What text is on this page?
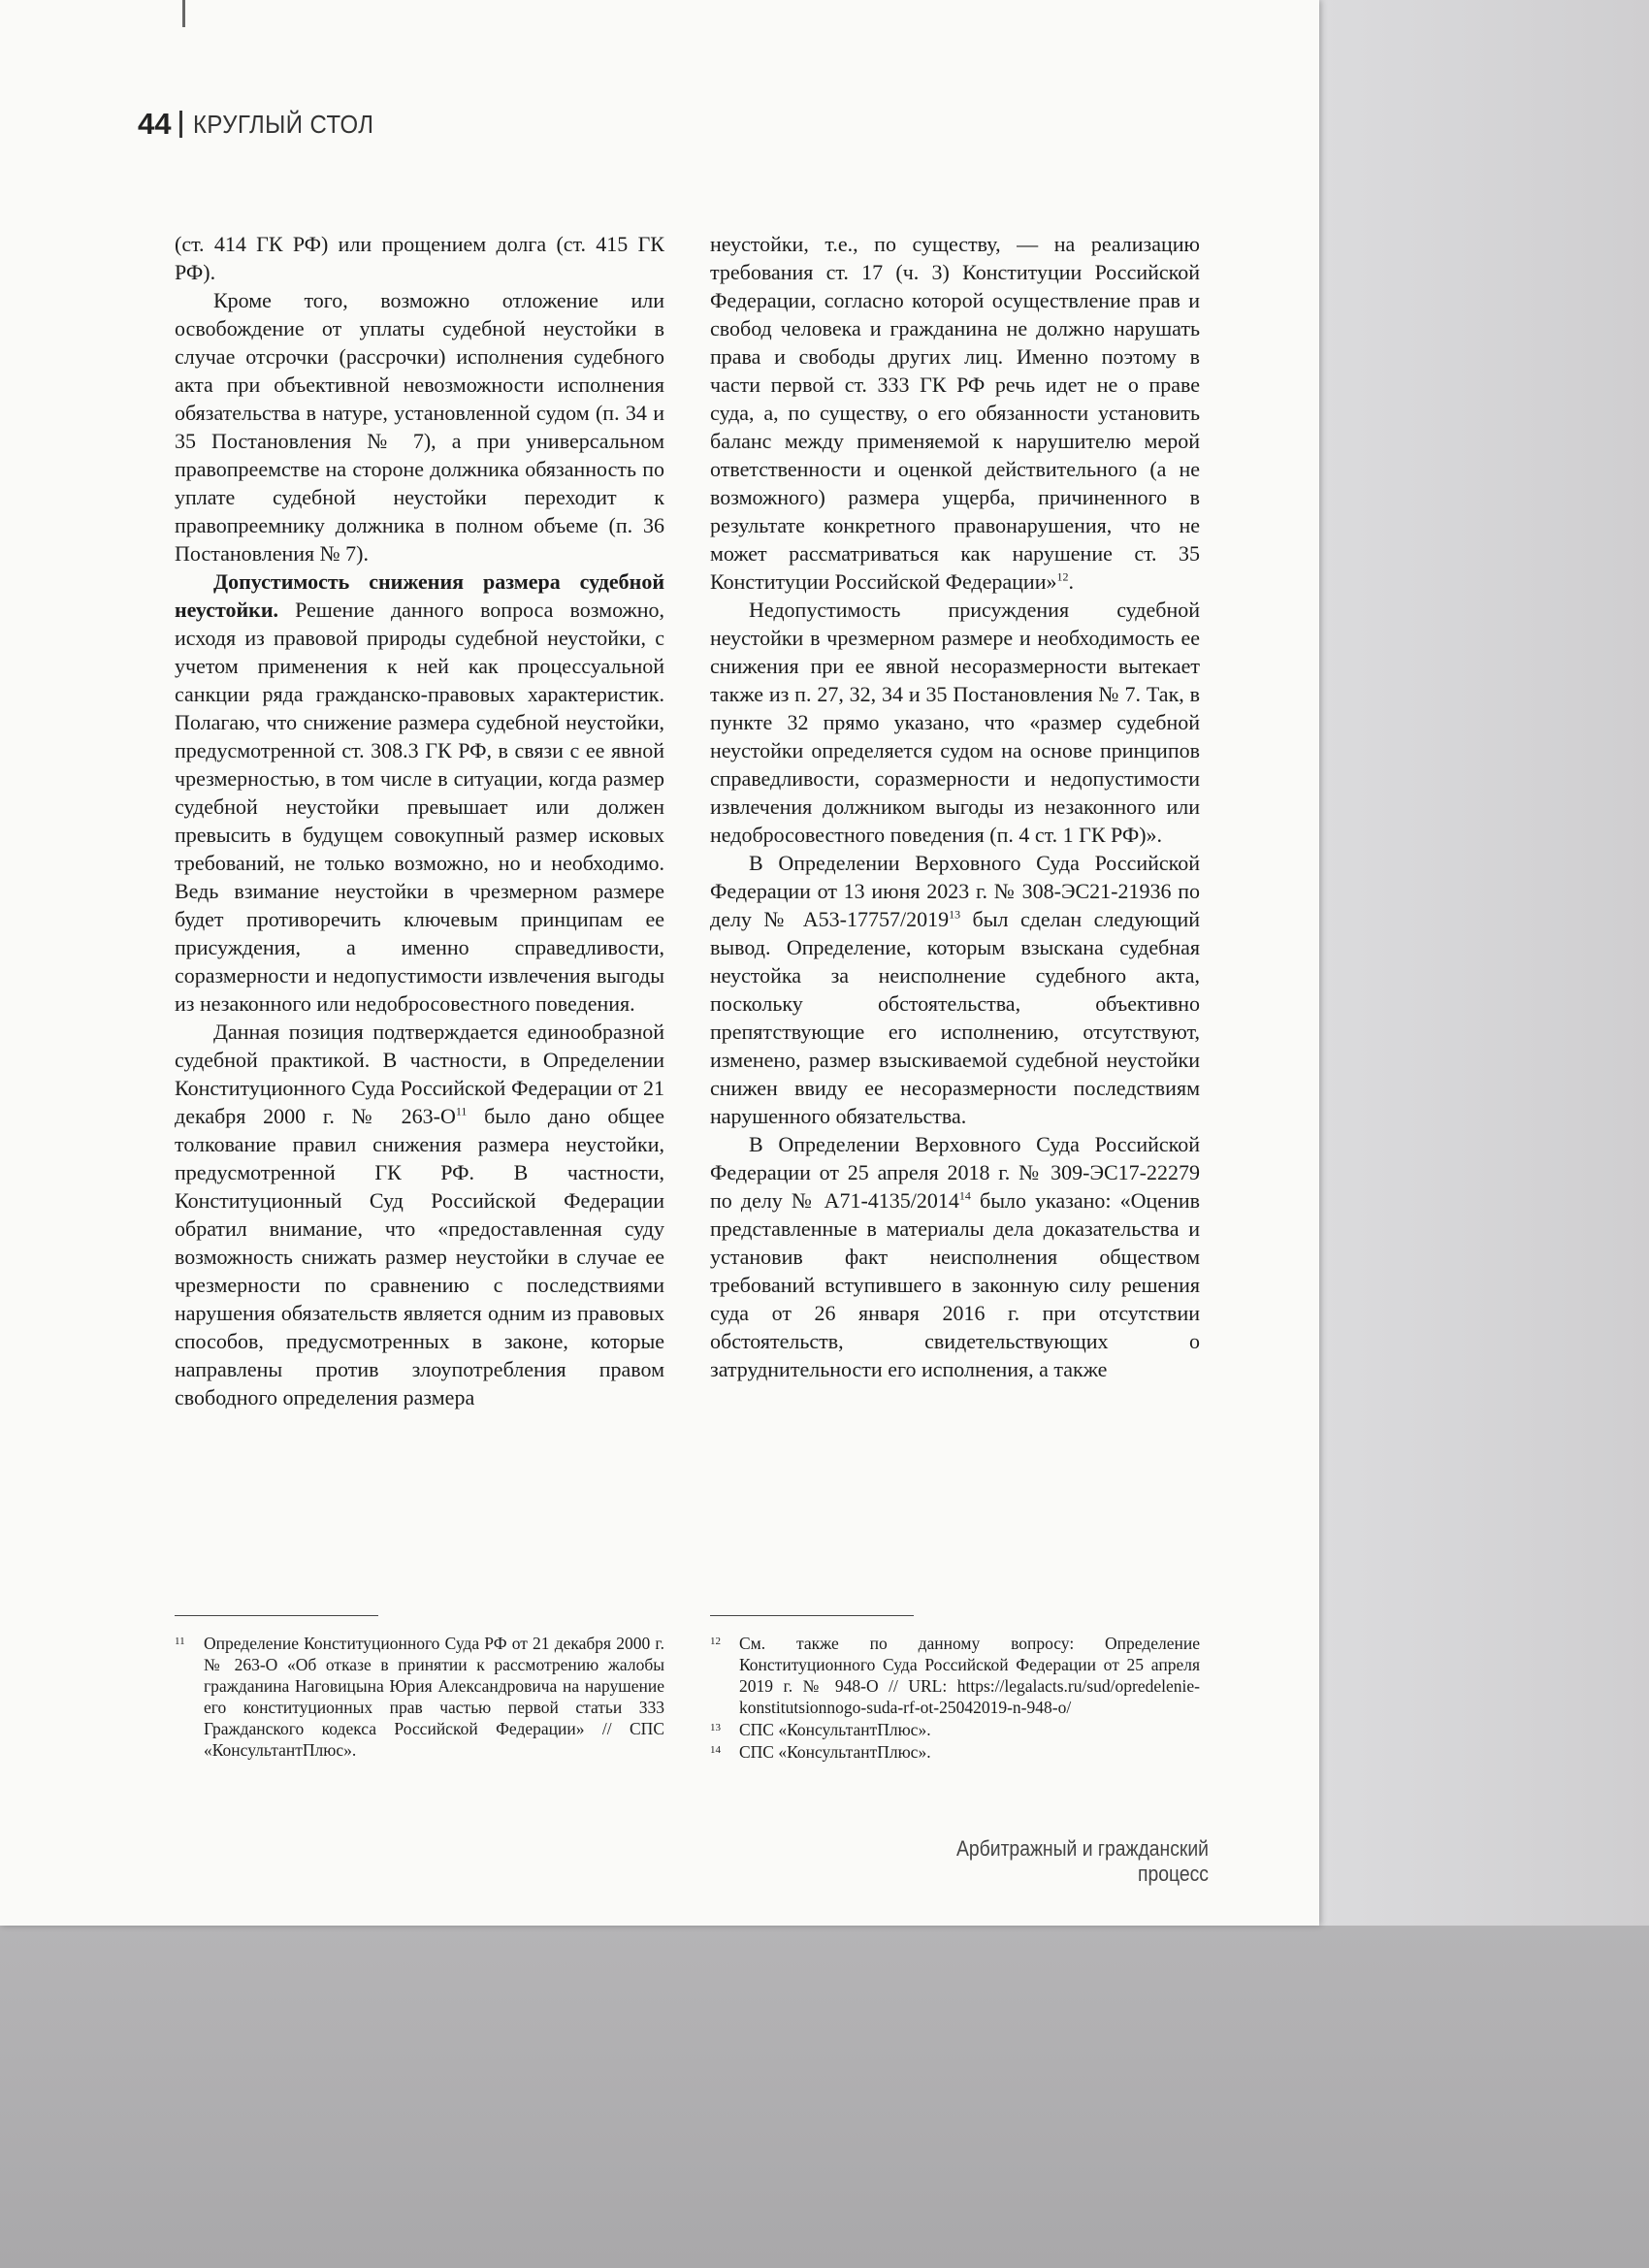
44 КРУГЛЫЙ СТОЛ

(ст. 414 ГК РФ) или прощением долга (ст. 415 ГК РФ).

Кроме того, возможно отложение или освобождение от уплаты судебной неустойки в случае отсрочки (рассрочки) исполнения судебного акта при объективной невозможности исполнения обязательства в натуре, установленной судом (п. 34 и 35 Постановления № 7), а при универсальном правопреемстве на стороне должника обязанность по уплате судебной неустойки переходит к правопреемнику должника в полном объеме (п. 36 Постановления № 7).

Допустимость снижения размера судебной неустойки. Решение данного вопроса возможно, исходя из правовой природы судебной неустойки, с учетом применения к ней как процессуальной санкции ряда гражданско-правовых характеристик. Полагаю, что снижение размера судебной неустойки, предусмотренной ст. 308.3 ГК РФ, в связи с ее явной чрезмерностью, в том числе в ситуации, когда размер судебной неустойки превышает или должен превысить в будущем совокупный размер исковых требований, не только возможно, но и необходимо. Ведь взимание неустойки в чрезмерном размере будет противоречить ключевым принципам ее присуждения, а именно справедливости, соразмерности и недопустимости извлечения выгоды из незаконного или недобросовестного поведения.

Данная позиция подтверждается единообразной судебной практикой. В частности, в Определении Конституционного Суда Российской Федерации от 21 декабря 2000 г. № $263-О^{11}$ было дано общее толкование правил снижения размера неустойки, предусмотренной ГК РФ. В частности, Конституционный Суд Российской Федерации обратил внимание, что «предоставленная суду возможность снижать размер неустойки в случае ее чрезмерности по сравнению с последствиями нарушения обязательств является одним из правовых способов, предусмотренных в законе, которые направлены против злоупотребления правом свободного определения размера

неустойки, т.е., по существу, — на реализацию требования ст. 17 (ч. 3) Конституции Российской Федерации, согласно которой осуществление прав и свобод человека и гражданина не должно нарушать права и свободы других лиц. Именно поэтому в части первой ст. 333 ГК РФ речь идет не о праве суда, а, по существу, о его обязанности установить баланс между применяемой к нарушителю мерой ответственности и оценкой действительного (а не возможного) размера ущерба, причиненного в результате конкретного правонарушения, что не может рассматриваться как нарушение ст. 35 Конституции Российской Федерации»$^{12}$.

Недопустимость присуждения судебной неустойки в чрезмерном размере и необходимость ее снижения при ее явной несоразмерности вытекает также из п. 27, 32, 34 и 35 Постановления № 7. Так, в пункте 32 прямо указано, что «размер судебной неустойки определяется судом на основе принципов справедливости, соразмерности и недопустимости извлечения должником выгоды из незаконного или недобросовестного поведения (п. 4 ст. 1 ГК РФ)».

В Определении Верховного Суда Российской Федерации от 13 июня 2023 г. № 308-ЭС21-21936 по делу № А53-17757/2019$^{13}$ был сделан следующий вывод. Определение, которым взыскана судебная неустойка за неисполнение судебного акта, поскольку обстоятельства, объективно препятствующие его исполнению, отсутствуют, изменено, размер взыскиваемой судебной неустойки снижен ввиду ее несоразмерности последствиям нарушенного обязательства.

В Определении Верховного Суда Российской Федерации от 25 апреля 2018 г. № 309-ЭС17-22279 по делу № А71-4135/2014$^{14}$ было указано: «Оценив представленные в материалы дела доказательства и установив факт неисполнения обществом требований вступившего в законную силу решения суда от 26 января 2016 г. при отсутствии обстоятельств, свидетельствующих о затруднительности его исполнения, а также

11	Определение Конституционного Суда РФ от 21 декабря 2000 г. № 263-О «Об отказе в принятии к рассмотрению жалобы гражданина Наговицына Юрия Александровича на нарушение его конституционных прав частью первой статьи 333 Гражданского кодекса Российской Федерации» // СПС «КонсультантПлюс».
12	См. также по данному вопросу: Определение Конституционного Суда Российской Федерации от 25 апреля 2019 г. № 948-О // URL: https://legalacts.ru/sud/opredelenie-konstitutsionnogo-suda-rf-ot-25042019-n-948-o/
13	СПС «КонсультантПлюс».
14	СПС «КонсультантПлюс».
Арбитражный и гражданский процесс
